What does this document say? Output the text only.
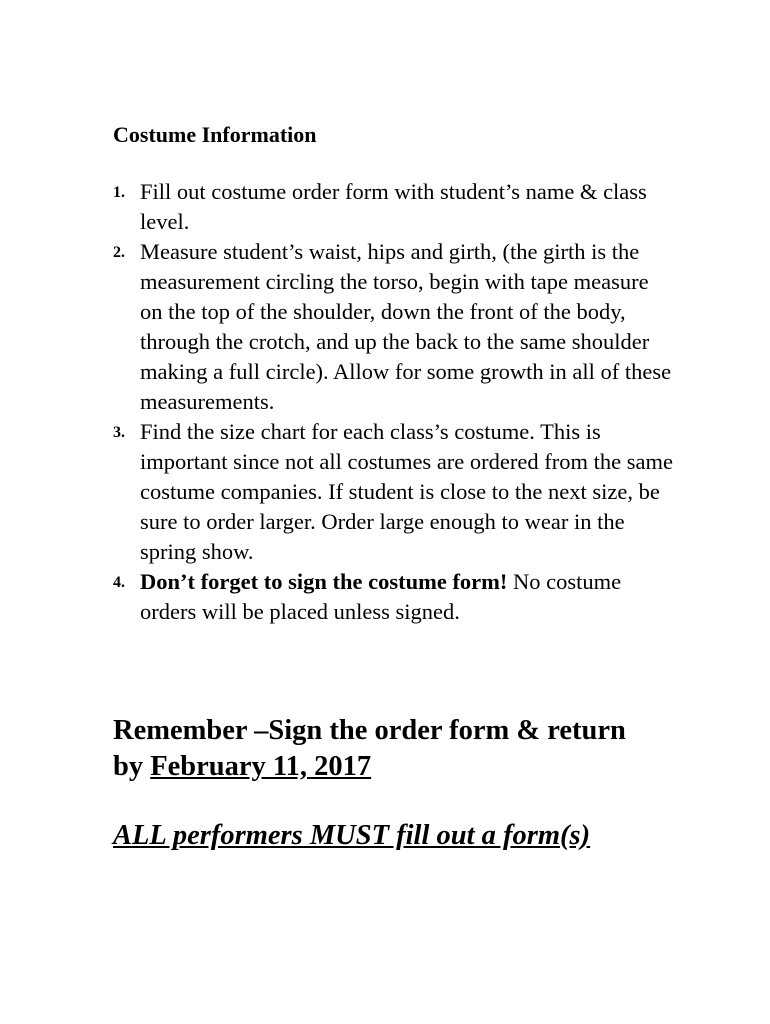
Costume Information
1. Fill out costume order form with student’s name & class level.
2. Measure student’s waist, hips and girth, (the girth is the measurement circling the torso, begin with tape measure on the top of the shoulder, down the front of the body, through the crotch, and up the back to the same shoulder making a full circle). Allow for some growth in all of these measurements.
3. Find the size chart for each class’s costume. This is important since not all costumes are ordered from the same costume companies. If student is close to the next size, be sure to order larger. Order large enough to wear in the spring show.
4. Don’t forget to sign the costume form! No costume orders will be placed unless signed.

Remember –Sign the order form & return
by February 11, 2017

ALL performers MUST fill out a form(s)
